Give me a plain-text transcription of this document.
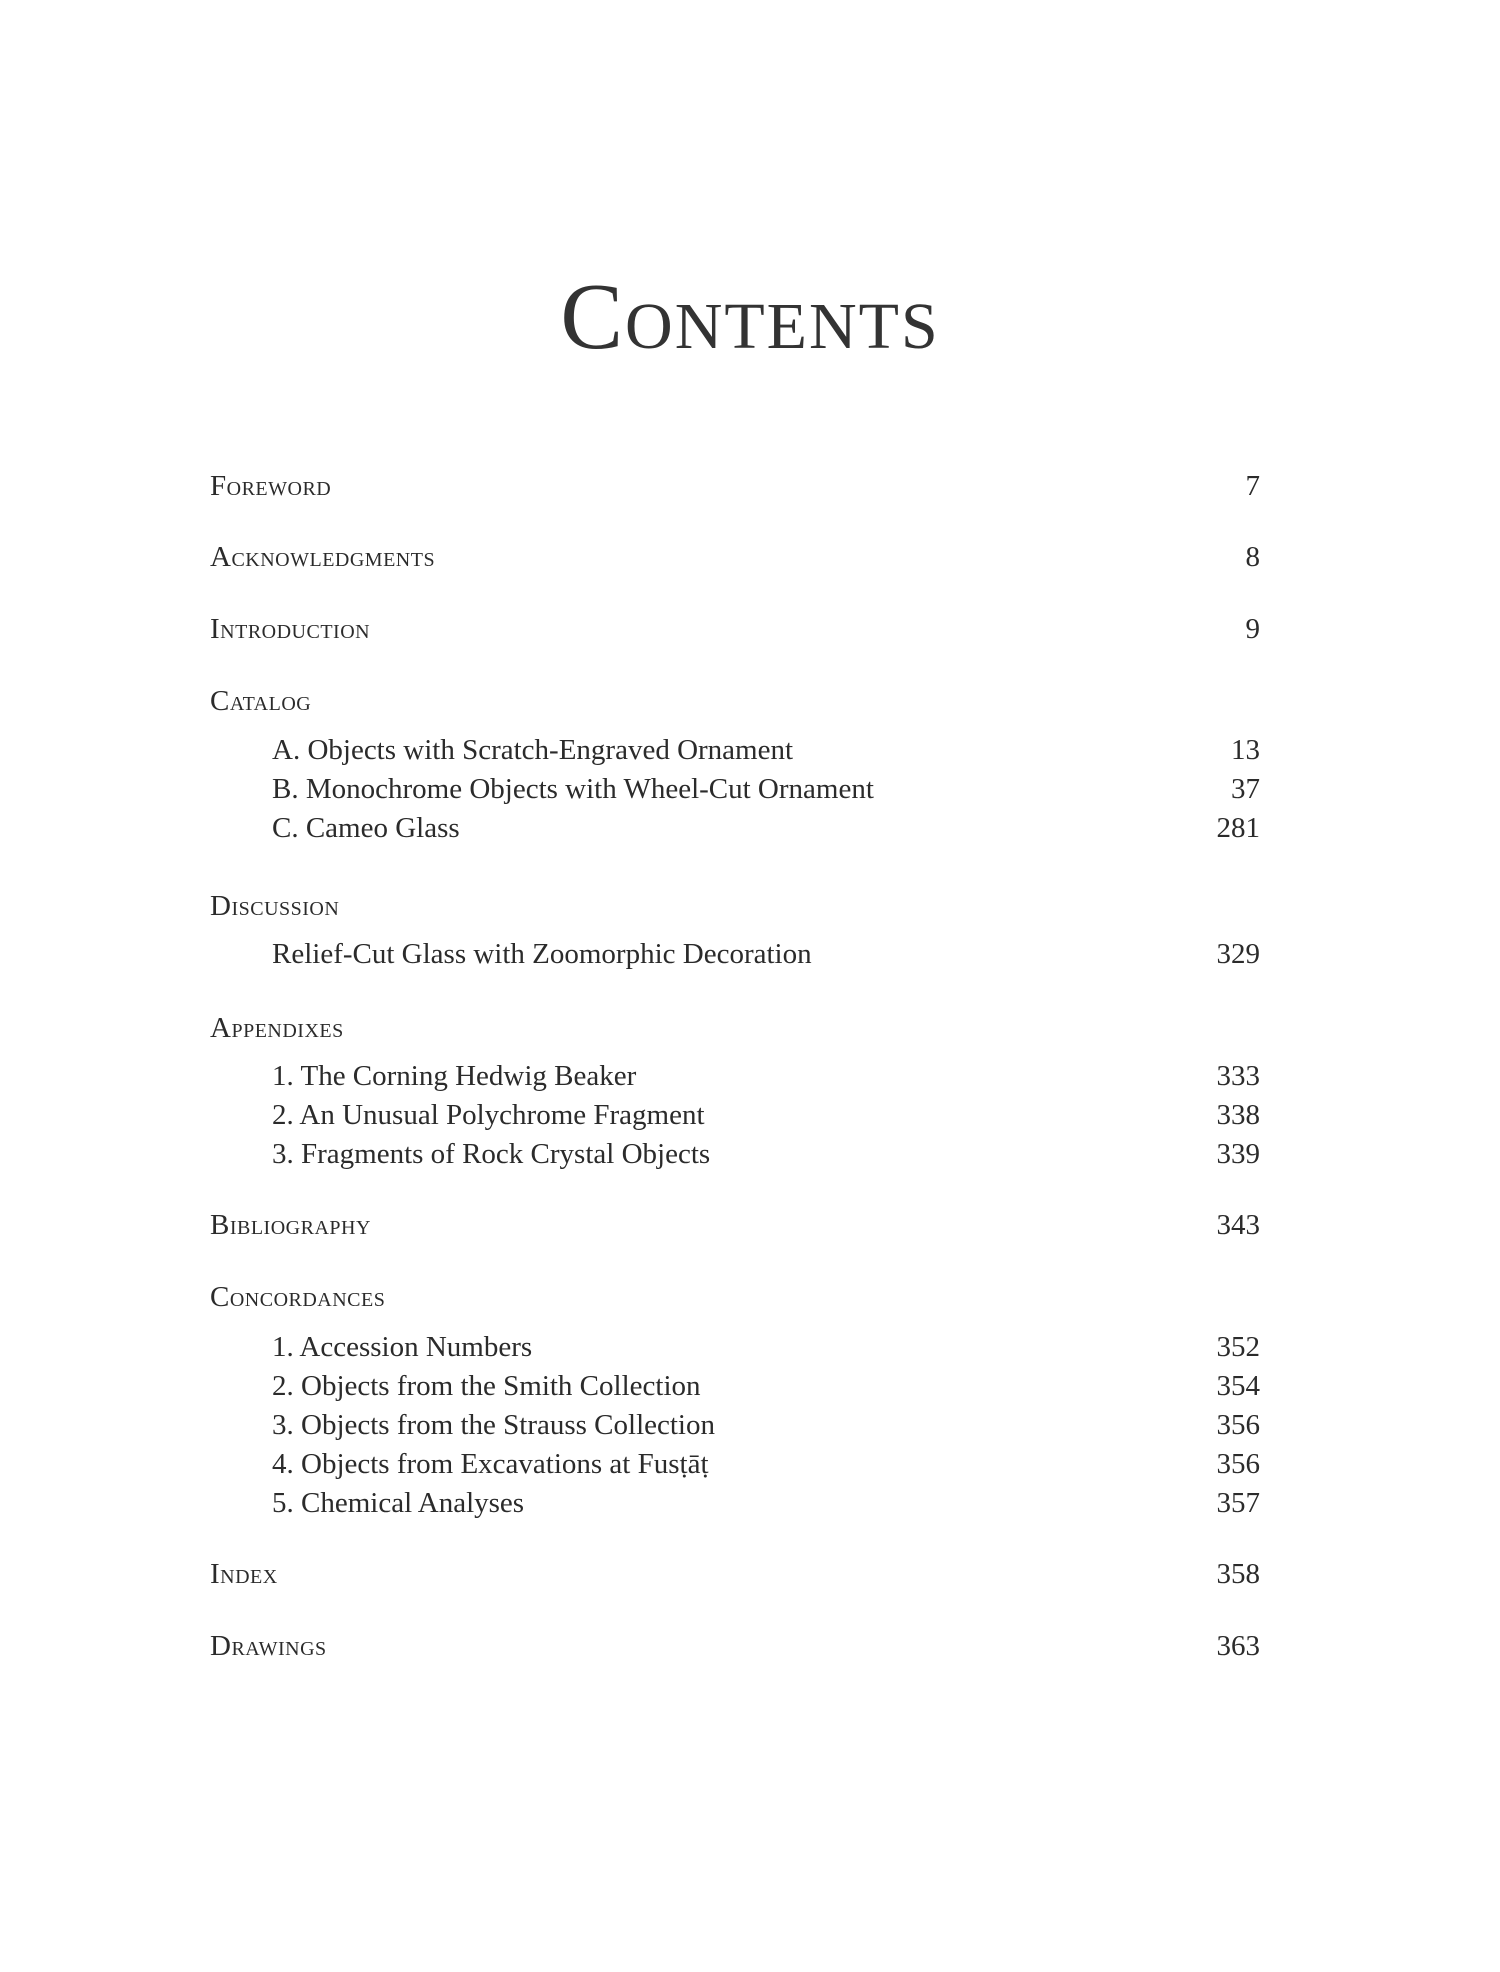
Contents
Foreword	7
Acknowledgments	8
Introduction	9
Catalog
A. Objects with Scratch-Engraved Ornament	13
B. Monochrome Objects with Wheel-Cut Ornament	37
C. Cameo Glass	281
Discussion
Relief-Cut Glass with Zoomorphic Decoration	329
Appendixes
1. The Corning Hedwig Beaker	333
2. An Unusual Polychrome Fragment	338
3. Fragments of Rock Crystal Objects	339
Bibliography	343
Concordances
1. Accession Numbers	352
2. Objects from the Smith Collection	354
3. Objects from the Strauss Collection	356
4. Objects from Excavations at Fusṭāṭ	356
5. Chemical Analyses	357
Index	358
Drawings	363
